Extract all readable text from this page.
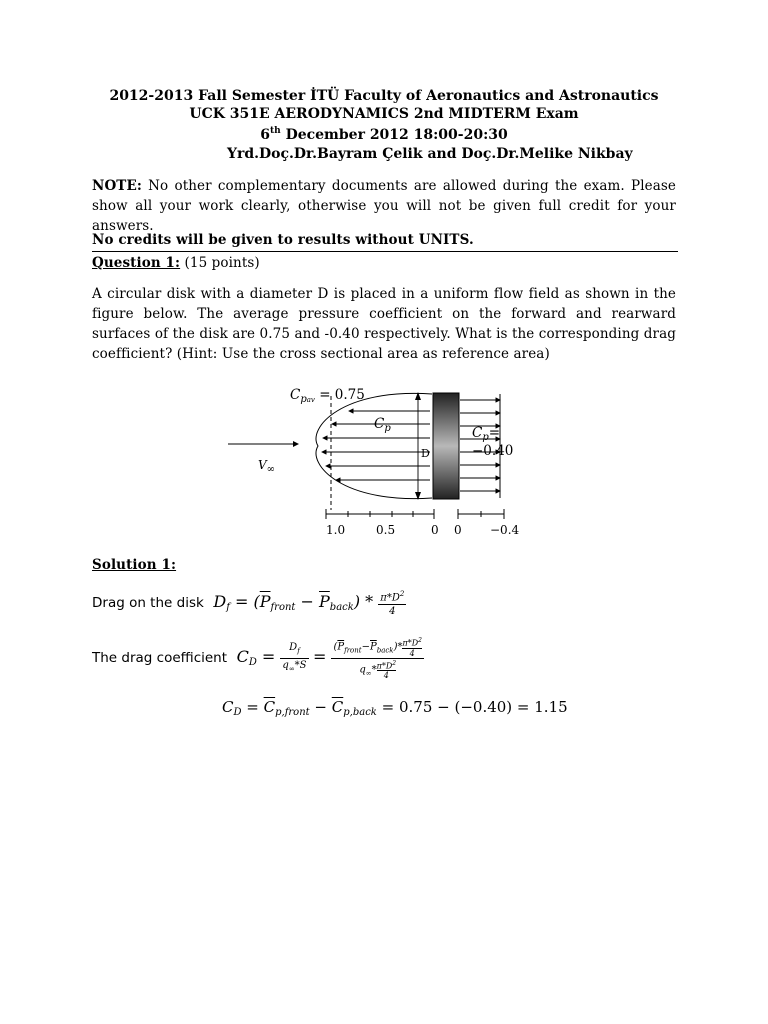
2012-2013 Fall Semester İTÜ Faculty of Aeronautics and Astronautics
UCK 351E AERODYNAMICS 2nd MIDTERM Exam
6th December 2012 18:00-20:30
Yrd.Doç.Dr.Bayram Çelik and Doç.Dr.Melike Nikbay
NOTE: No other complementary documents are allowed during the exam. Please show all your work clearly, otherwise you will not be given full credit for your answers.
No credits will be given to results without UNITS.
Question 1: (15 points)
A circular disk with a diameter D is placed in a uniform flow field as shown in the figure below. The average pressure coefficient on the forward and rearward surfaces of the disk are 0.75 and -0.40 respectively. What is the corresponding drag coefficient? (Hint: Use the cross sectional area as reference area)
$C_{pav} = 0.75$
$C_p$	$C_p= -0.40$
D
$V_\infty$
1.0	0.5	0 0 −0.4
Solution 1:
Drag on the disk  $D_f = (\overline{P}_{front} - \overline{P}_{back}) * \frac{\pi*D^2}{4}$
The drag coefficient  $C_D = \frac{D_f}{q_\infty*S} = \frac{(\overline{P}_{front}-\overline{P}_{back})* \frac{\pi*D^2}{4}}{q_\infty* \frac{\pi*D^2}{4}}$
$C_D = \overline{C}_{p,front} - \overline{C}_{p,back} = 0.75 - (-0.40) = 1.15$
